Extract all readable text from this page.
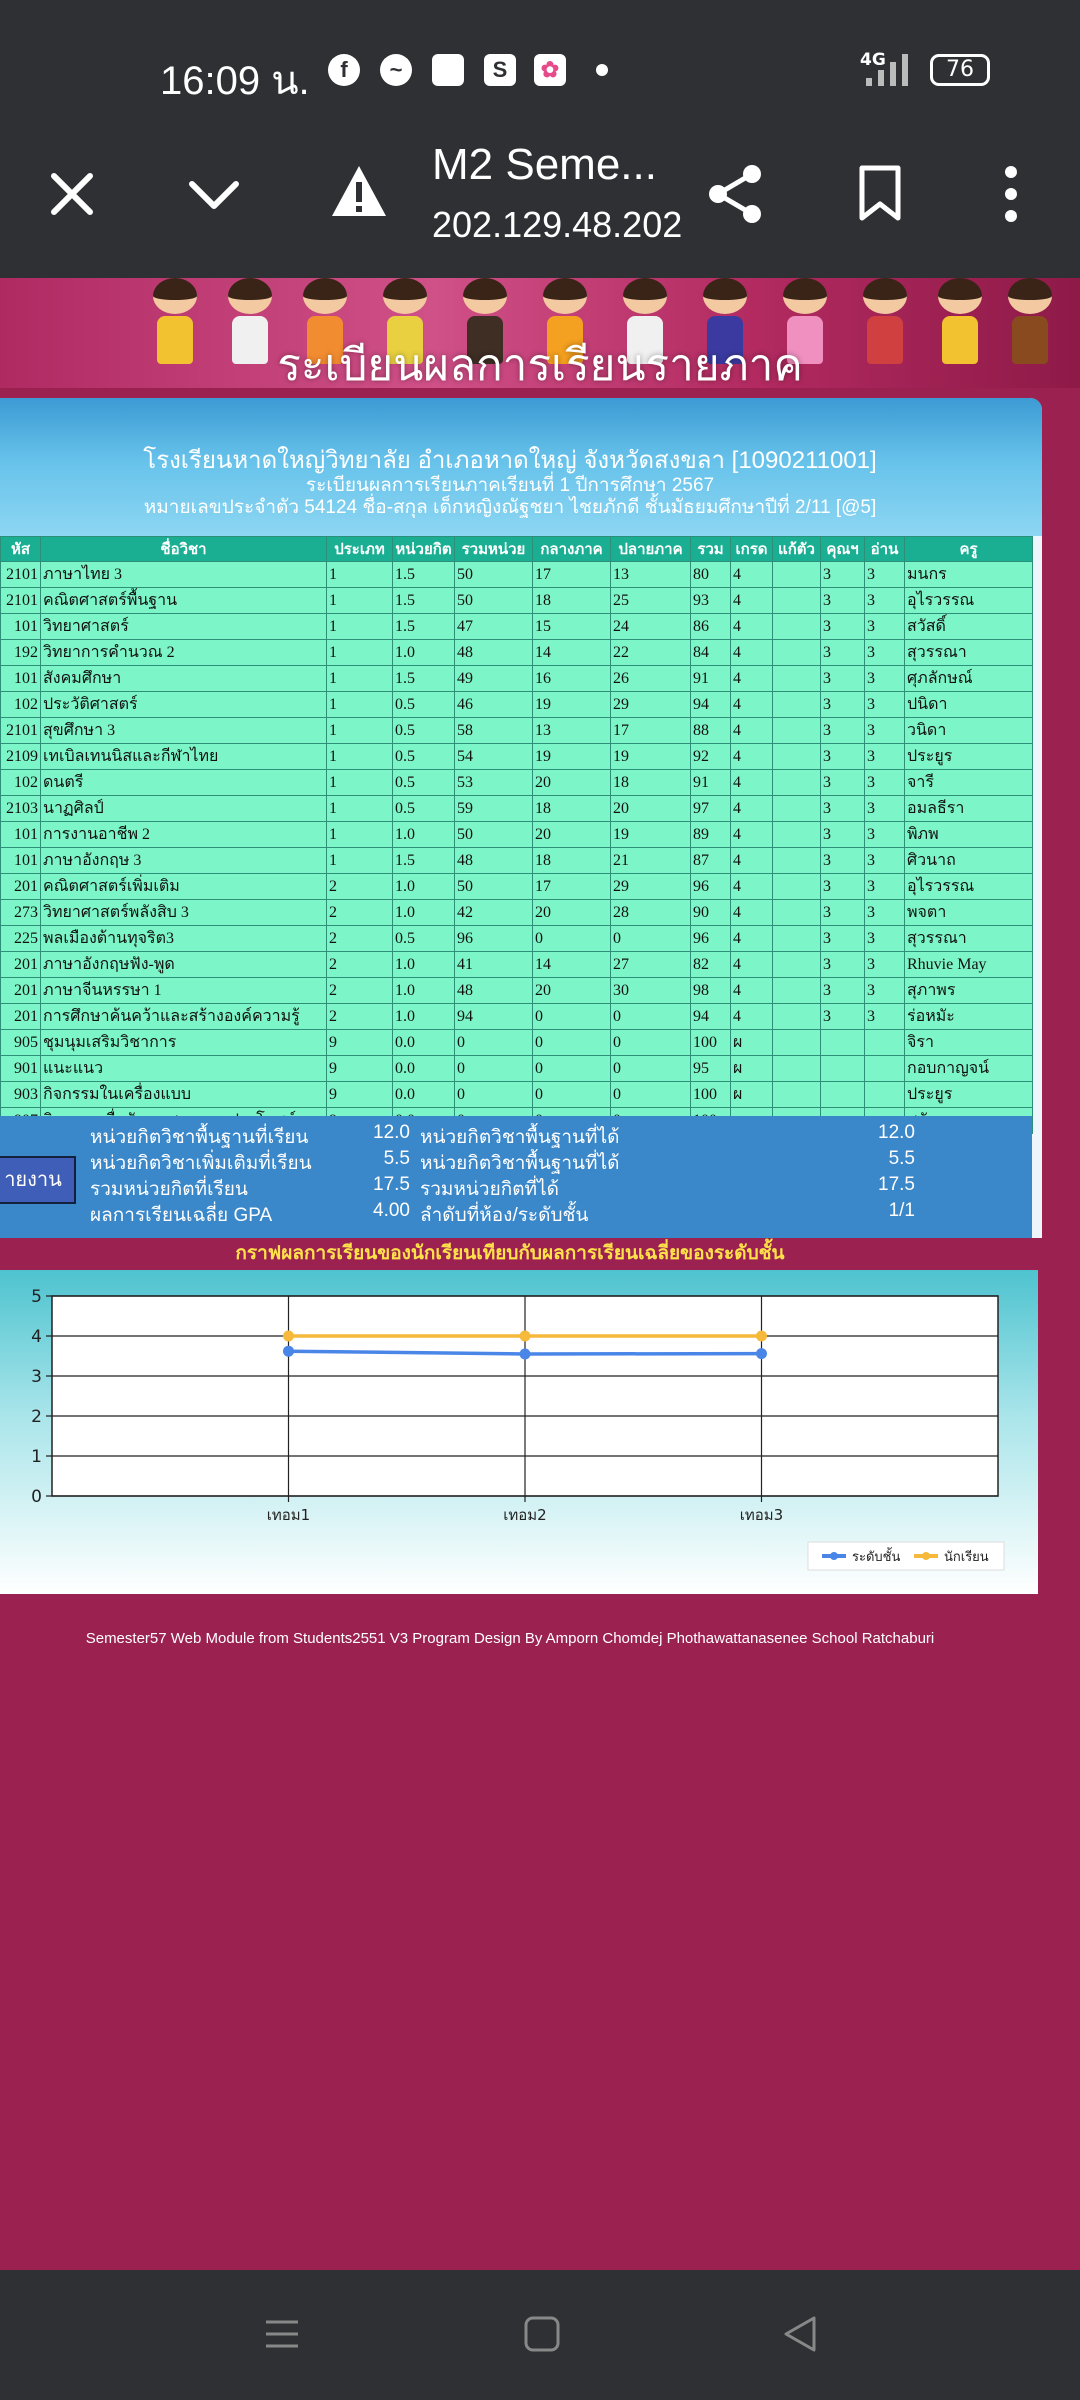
16:09 น.	f	~	S	✿	4G	76
M2 Seme...
202.129.48.202
ระเบียนผลการเรียนรายภาค
โรงเรียนหาดใหญ่วิทยาลัย อำเภอหาดใหญ่ จังหวัดสงขลา [1090211001]
ระเบียนผลการเรียนภาคเรียนที่ 1 ปีการศึกษา 2567
หมายเลขประจำตัว 54124 ชื่อ-สกุล เด็กหญิงณัฐชยา ไชยภักดี ชั้นมัธยมศึกษาปีที่ 2/11 [@5]
หัส	ชื่อวิชา	ประเภท	หน่วยกิต	รวมหน่วย	กลางภาค	ปลายภาค	รวม	เกรด	แก้ตัว	คุณฯ	อ่าน	ครู
2101	ภาษาไทย 3	1	1.5	50	17	13	80	4		3	3	มนกร
2101	คณิตศาสตร์พื้นฐาน	1	1.5	50	18	25	93	4		3	3	อุไรวรรณ
101	วิทยาศาสตร์	1	1.5	47	15	24	86	4		3	3	สวัสดิ์
192	วิทยาการคำนวณ 2	1	1.0	48	14	22	84	4		3	3	สุวรรณา
101	สังคมศึกษา	1	1.5	49	16	26	91	4		3	3	ศุภลักษณ์
102	ประวัติศาสตร์	1	0.5	46	19	29	94	4		3	3	ปนิดา
2101	สุขศึกษา 3	1	0.5	58	13	17	88	4		3	3	วนิดา
2109	เทเบิลเทนนิสและกีฬาไทย	1	0.5	54	19	19	92	4		3	3	ประยูร
102	ดนตรี	1	0.5	53	20	18	91	4		3	3	จารี
2103	นาฏศิลป์	1	0.5	59	18	20	97	4		3	3	อมลธีรา
101	การงานอาชีพ 2	1	1.0	50	20	19	89	4		3	3	พิภพ
101	ภาษาอังกฤษ 3	1	1.5	48	18	21	87	4		3	3	ศิวนาถ
201	คณิตศาสตร์เพิ่มเติม	2	1.0	50	17	29	96	4		3	3	อุไรวรรณ
273	วิทยาศาสตร์พลังสิบ 3	2	1.0	42	20	28	90	4		3	3	พจตา
225	พลเมืองต้านทุจริต3	2	0.5	96	0	0	96	4		3	3	สุวรรณา
201	ภาษาอังกฤษฟัง-พูด	2	1.0	41	14	27	82	4		3	3	Rhuvie May
201	ภาษาจีนหรรษา 1	2	1.0	48	20	30	98	4		3	3	สุภาพร
201	การศึกษาค้นคว้าและสร้างองค์ความรู้	2	1.0	94	0	0	94	4		3	3	ร่อหมัะ
905	ชุมนุมเสริมวิชาการ	9	0.0	0	0	0	100	ผ				จิรา
901	แนะแนว	9	0.0	0	0	0	95	ผ				กอบกาญจน์
903	กิจกรรมในเครื่องแบบ	9	0.0	0	0	0	100	ผ				ประยูร

ายงาน
หน่วยกิตวิชาพื้นฐานที่เรียน	12.0 หน่วยกิตวิชาพื้นฐานที่ได้	12.0
หน่วยกิตวิชาเพิ่มเติมที่เรียน	5.5 หน่วยกิตวิชาพื้นฐานที่ได้	5.5
รวมหน่วยกิตที่เรียน	17.5 รวมหน่วยกิตที่ได้	17.5
ผลการเรียนเฉลี่ย GPA	4.00 ลำดับที่ห้อง/ระดับชั้น	1/1
กราฟผลการเรียนของนักเรียนเทียบกับผลการเรียนเฉลี่ยของระดับชั้น
0
1
2
3
4
5
เทอม1	เทอม2	เทอม3
ระดับชั้น	นักเรียน
Semester57 Web Module from Students2551 V3 Program Design By Amporn Chomdej Phothawattanasenee School Ratchaburi
